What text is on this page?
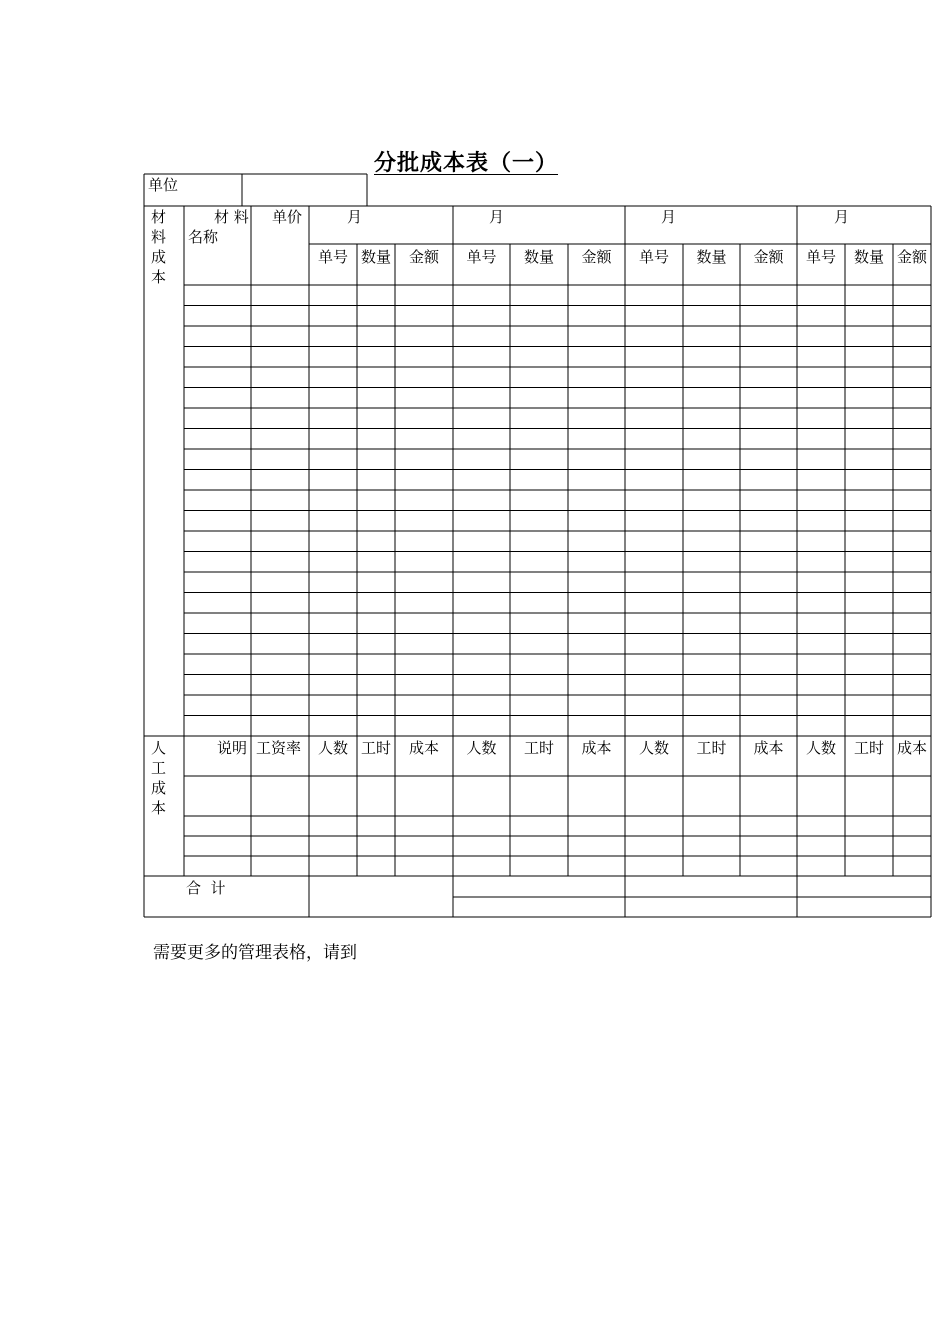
分批成本表（一）
单位
月
单号 数量 金额
人数 工时 成本
月
单号 数量 金额
人数 工时 成本
月
单号 数量 金额
人数 工时 成本
月
单号 数量 金额
人数 工时 成本
合  计
材
料
成
本
材 料
名称
单价
人
工
成
本
说明 工资率
需要更多的管理表格，请到
